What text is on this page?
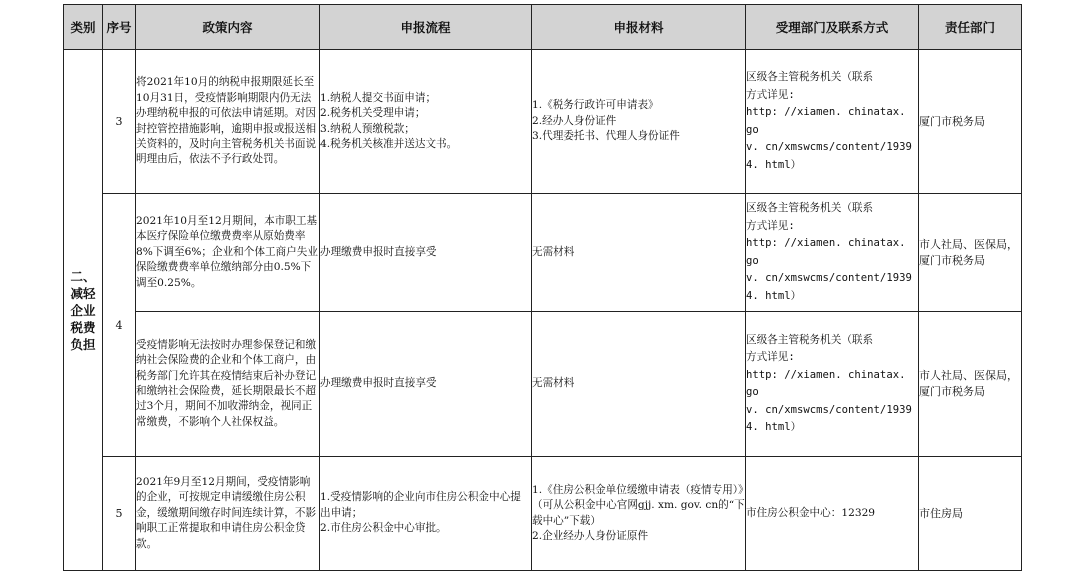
类别	序号	政策内容	申报流程	申报材料	受理部门及联系方式	责任部门

二、减轻企业税费负担	3	将2021年10月的纳税申报期限延长至10月31日，受疫情影响期限内仍无法办理纳税申报的可依法申请延期。对因封控管控措施影响，逾期申报或报送相关资料的，及时向主管税务机关书面说明理由后，依法不予行政处罚。	1.纳税人提交书面申请；
2.税务机关受理申请；
3.纳税人预缴税款；
4.税务机关核准并送达文书。	1.《税务行政许可申请表》
2.经办人身份证件
3.代理委托书、代理人身份证件	区级各主管税务机关（联系
方式详见:
http: //xiamen. chinatax. go
v. cn/xmswcms/content/1939
4. html）	厦门市税务局
	4	2021年10月至12月期间，本市职工基本医疗保险单位缴费费率从原始费率8%下调至6%；企业和个体工商户失业保险缴费费率单位缴纳部分由0.5%下调至0.25%。	办理缴费申报时直接享受	无需材料	区级各主管税务机关（联系
方式详见:
http: //xiamen. chinatax. go
v. cn/xmswcms/content/1939
4. html）	市人社局、医保局，厦门市税务局
		受疫情影响无法按时办理参保登记和缴纳社会保险费的企业和个体工商户，由税务部门允许其在疫情结束后补办登记和缴纳社会保险费，延长期限最长不超过3个月，期间不加收滞纳金，视同正常缴费，不影响个人社保权益。	办理缴费申报时直接享受	无需材料	区级各主管税务机关（联系
方式详见:
http: //xiamen. chinatax. go
v. cn/xmswcms/content/1939
4. html）	市人社局、医保局，厦门市税务局
	5	2021年9月至12月期间，受疫情影响的企业，可按规定申请缓缴住房公积金，缓缴期间缴存时间连续计算，不影响职工正常提取和申请住房公积金贷款。	1.受疫情影响的企业向市住房公积金中心提出申请；
2.市住房公积金中心审批。	1.《住房公积金单位缓缴申请表（疫情专用）》（可从公积金中心官网gjj. xm. gov. cn的“下载中心”下载）
2.企业经办人身份证原件	市住房公积金中心：12329	市住房局
